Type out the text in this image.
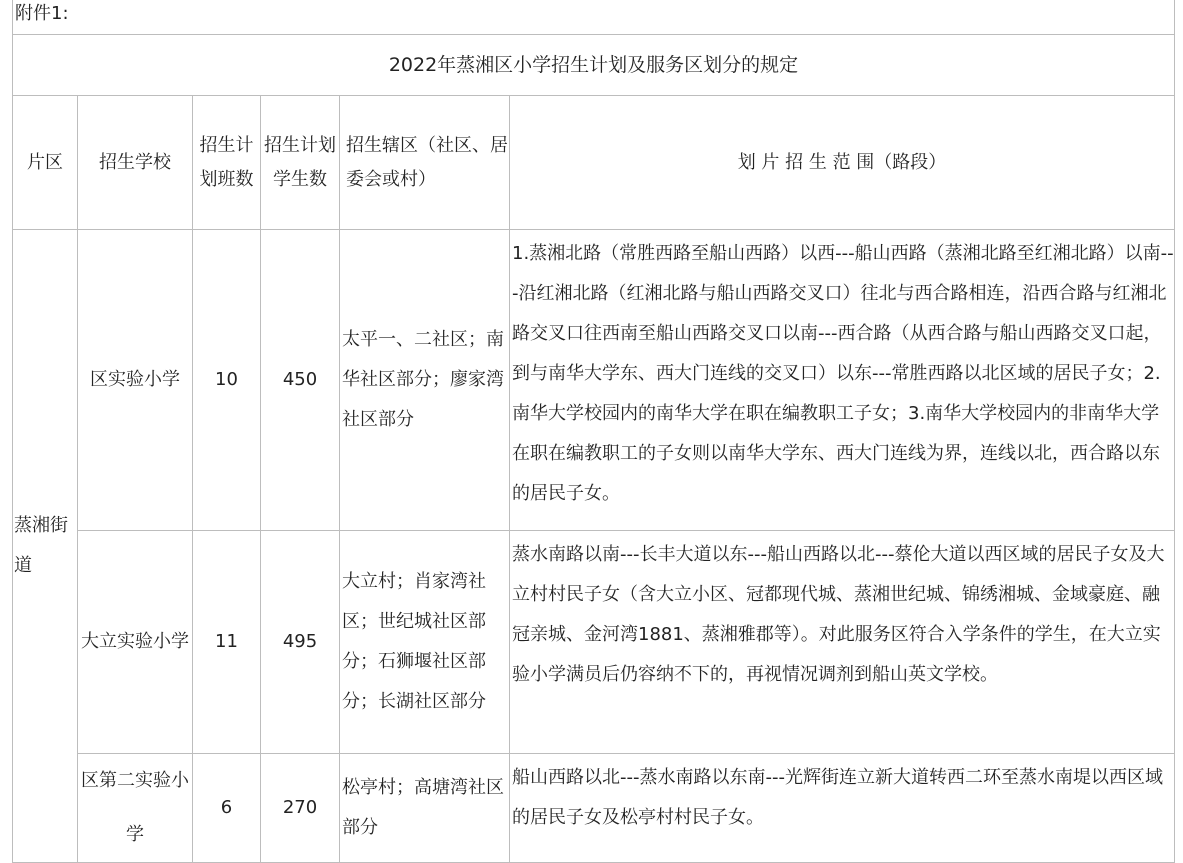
附件1:					
2022年蒸湘区小学招生计划及服务区划分的规定					
片区	招生学校	招生计划班数	招生计划学生数	招生辖区（社区、居委会或村）	划 片 招 生 范 围（路段）
蒸湘街道	区实验小学	10	450	太平一、二社区；南华社区部分；廖家湾社区部分	1.蒸湘北路（常胜西路至船山西路）以西---船山西路（蒸湘北路至红湘北路）以南---沿红湘北路（红湘北路与船山西路交叉口）往北与西合路相连，沿西合路与红湘北路交叉口往西南至船山西路交叉口以南---西合路（从西合路与船山西路交叉口起，到与南华大学东、西大门连线的交叉口）以东---常胜西路以北区域的居民子女；2.南华大学校园内的南华大学在职在编教职工子女；3.南华大学校园内的非南华大学在职在编教职工的子女则以南华大学东、西大门连线为界，连线以北，西合路以东的居民子女。
	大立实验小学	11	495	大立村；肖家湾社区；世纪城社区部分；石狮堰社区部分；长湖社区部分	蒸水南路以南---长丰大道以东---船山西路以北---蔡伦大道以西区域的居民子女及大立村村民子女（含大立小区、冠都现代城、蒸湘世纪城、锦绣湘城、金域豪庭、融冠亲城、金河湾1881、蒸湘雅郡等）。对此服务区符合入学条件的学生，在大立实验小学满员后仍容纳不下的，再视情况调剂到船山英文学校。
	区第二实验小学	6	270	松亭村；高塘湾社区部分	船山西路以北---蒸水南路以东南---光辉街连立新大道转西二环至蒸水南堤以西区域的居民子女及松亭村村民子女。
